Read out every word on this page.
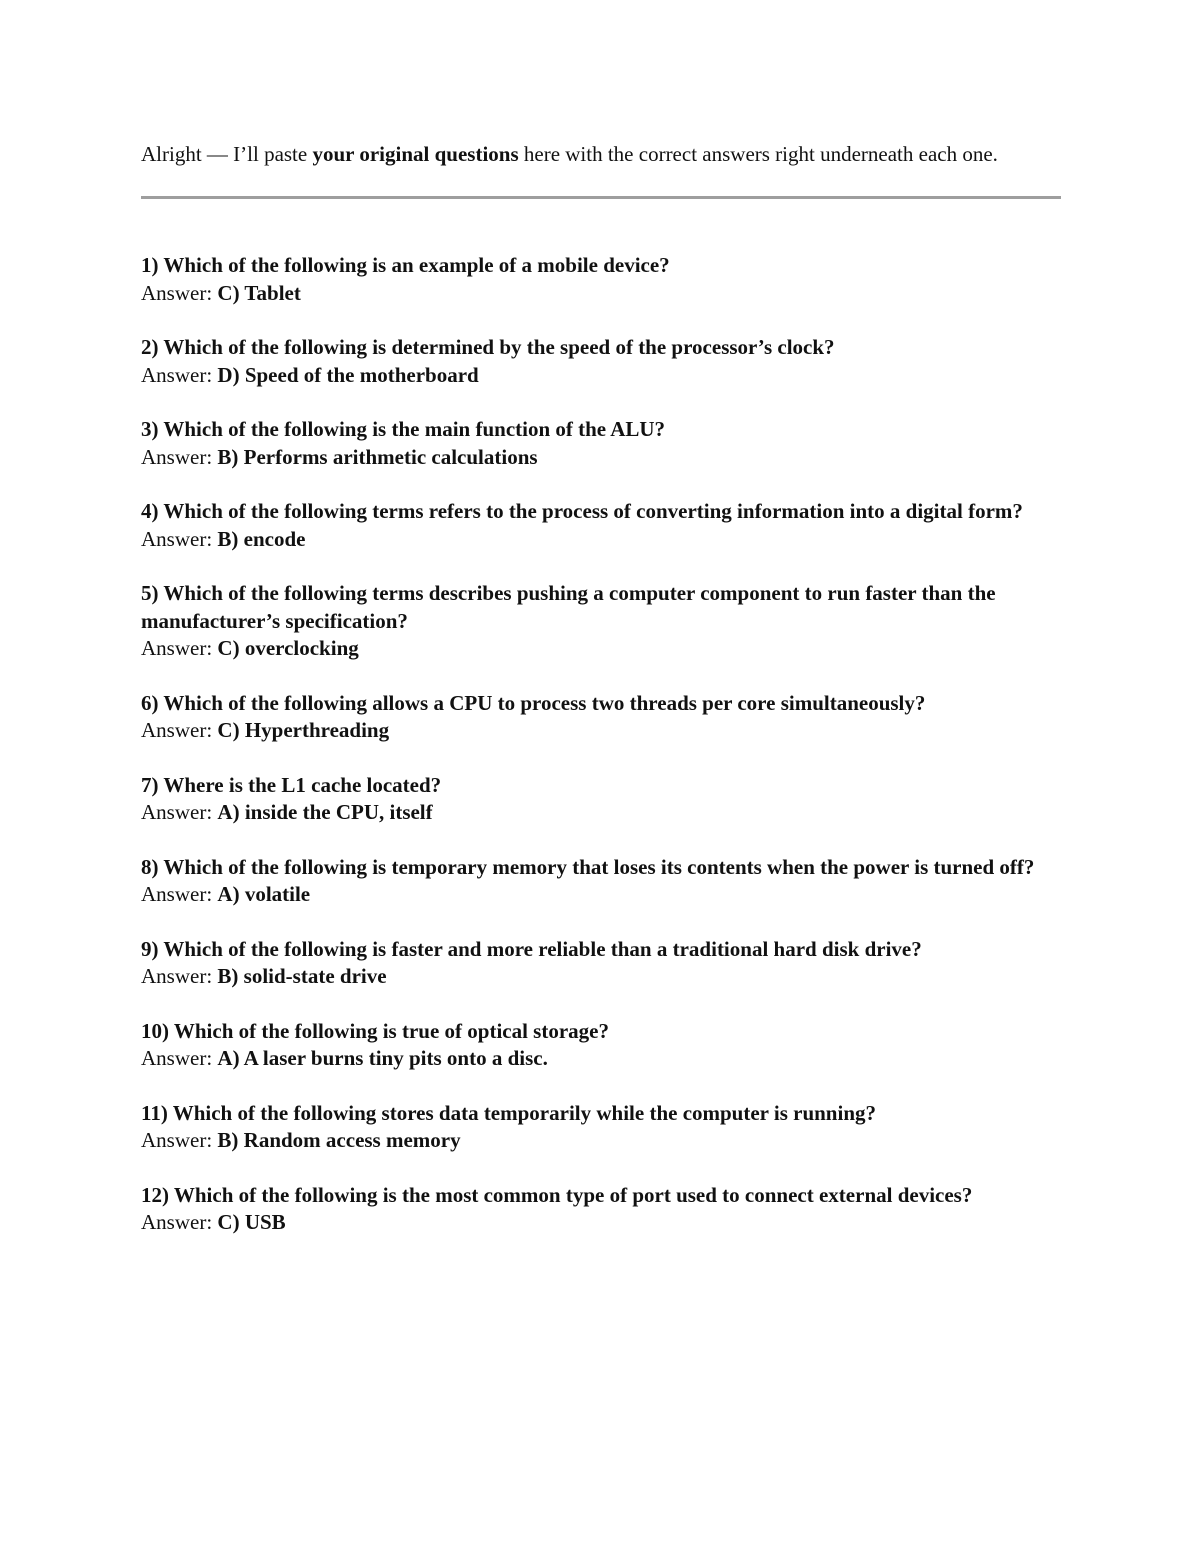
Alright — I’ll paste your original questions here with the correct answers right underneath each one.

1) Which of the following is an example of a mobile device?

Answer: C) Tablet

2) Which of the following is determined by the speed of the processor’s clock?

Answer: D) Speed of the motherboard

3) Which of the following is the main function of the ALU?

Answer: B) Performs arithmetic calculations

4) Which of the following terms refers to the process of converting information into a digital form?

Answer: B) encode

5) Which of the following terms describes pushing a computer component to run faster than the manufacturer’s specification?

Answer: C) overclocking

6) Which of the following allows a CPU to process two threads per core simultaneously?

Answer: C) Hyperthreading

7) Where is the L1 cache located?

Answer: A) inside the CPU, itself

8) Which of the following is temporary memory that loses its contents when the power is turned off?

Answer: A) volatile

9) Which of the following is faster and more reliable than a traditional hard disk drive?

Answer: B) solid-state drive

10) Which of the following is true of optical storage?

Answer: A) A laser burns tiny pits onto a disc.

11) Which of the following stores data temporarily while the computer is running?

Answer: B) Random access memory

12) Which of the following is the most common type of port used to connect external devices?

Answer: C) USB
